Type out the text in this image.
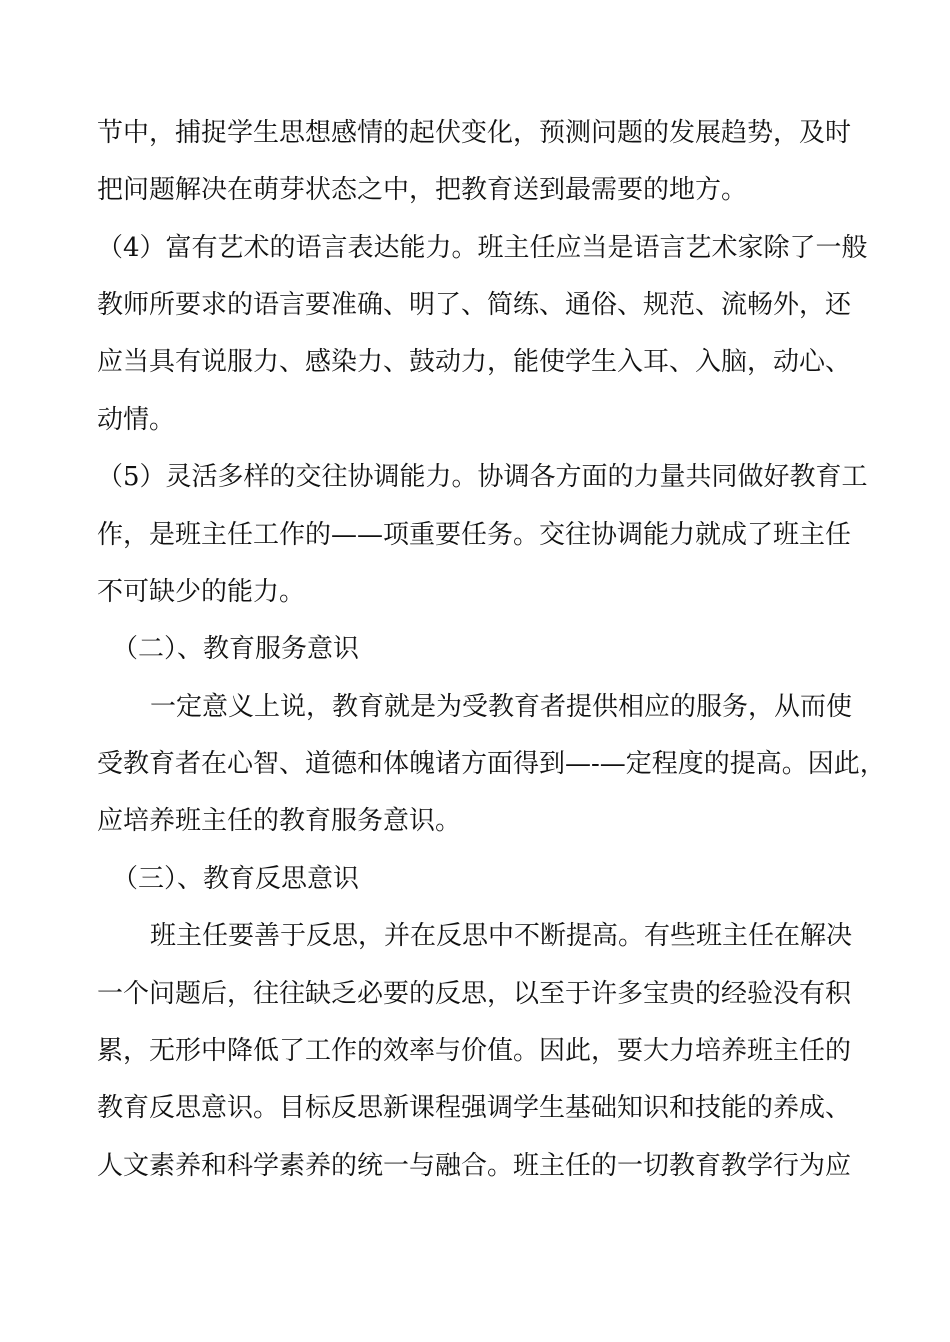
节中，捕捉学生思想感情的起伏变化，预测问题的发展趋势，及时
把问题解决在萌芽状态之中，把教育送到最需要的地方。
（4）富有艺术的语言表达能力。班主任应当是语言艺术家除了一般
教师所要求的语言要准确、明了、简练、通俗、规范、流畅外，还
应当具有说服力、感染力、鼓动力，能使学生入耳、入脑，动心、
动情。
（5）灵活多样的交往协调能力。协调各方面的力量共同做好教育工
作，是班主任工作的——项重要任务。交往协调能力就成了班主任
不可缺少的能力。
（二）、教育服务意识
一定意义上说，教育就是为受教育者提供相应的服务，从而使
受教育者在心智、道德和体魄诸方面得到—-—定程度的提高。因此，
应培养班主任的教育服务意识。
（三）、教育反思意识
班主任要善于反思，并在反思中不断提高。有些班主任在解决
一个问题后，往往缺乏必要的反思，以至于许多宝贵的经验没有积
累，无形中降低了工作的效率与价值。因此，要大力培养班主任的
教育反思意识。目标反思新课程强调学生基础知识和技能的养成、
人文素养和科学素养的统一与融合。班主任的一切教育教学行为应
